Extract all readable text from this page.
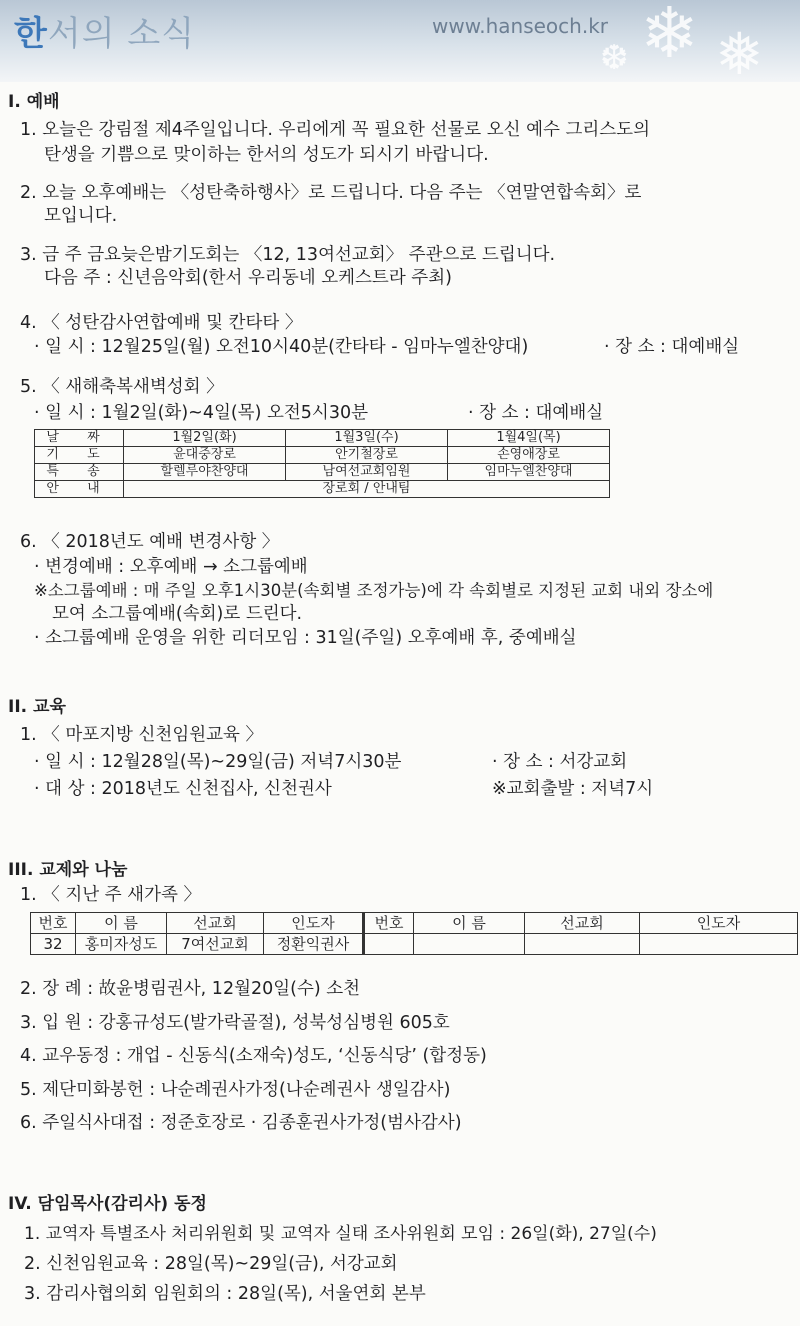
한서의 소식	www.hanseoch.kr ❄ ❅
❆
I. 예배
1. 오늘은 강림절 제4주일입니다. 우리에게 꼭 필요한 선물로 오신 예수 그리스도의
탄생을 기쁨으로 맞이하는 한서의 성도가 되시기 바랍니다.
2. 오늘 오후예배는 〈성탄축하행사〉로 드립니다. 다음 주는 〈연말연합속회〉로
모입니다.
3. 금 주 금요늦은밤기도회는 〈12, 13여선교회〉 주관으로 드립니다.
다음 주 : 신년음악회(한서 우리동네 오케스트라 주최)
4. 〈 성탄감사연합예배 및 칸타타 〉
· 일 시 : 12월25일(월) 오전10시40분(칸타타 - 임마누엘찬양대)	· 장 소 : 대예배실
5. 〈 새해축복새벽성회 〉
· 일 시 : 1월2일(화)~4일(목) 오전5시30분	· 장 소 : 대예배실
날 짜	1월2일(화)	1월3일(수)	1월4일(목)
기 도	윤대중장로	안기철장로	손영애장로
특 송	할렐루야찬양대	남여선교회임원	임마누엘찬양대
안 내	장로회 / 안내팀		
6. 〈 2018년도 예배 변경사항 〉
· 변경예배 : 오후예배 → 소그룹예배
※소그룹예배 : 매 주일 오후1시30분(속회별 조정가능)에 각 속회별로 지정된 교회 내외 장소에
모여 소그룹예배(속회)로 드린다.
· 소그룹예배 운영을 위한 리더모임 : 31일(주일) 오후예배 후, 중예배실
II. 교육
1. 〈 마포지방 신천임원교육 〉
· 일 시 : 12월28일(목)~29일(금) 저녁7시30분	· 장 소 : 서강교회
· 대 상 : 2018년도 신천집사, 신천권사	※교회출발 : 저녁7시
III. 교제와 나눔
1. 〈 지난 주 새가족 〉
번호	이 름	선교회	인도자	번호	이 름	선교회	인도자
32	홍미자성도	7여선교회	정환익권사				
2. 장 례 : 故윤병림권사, 12월20일(수) 소천
3. 입 원 : 강홍규성도(발가락골절), 성북성심병원 605호
4. 교우동정 : 개업 - 신동식(소재숙)성도, ‘신동식당’ (합정동)
5. 제단미화봉헌 : 나순례권사가정(나순례권사 생일감사)
6. 주일식사대접 : 정준호장로 · 김종훈권사가정(범사감사)
IV. 담임목사(감리사) 동정
1. 교역자 특별조사 처리위원회 및 교역자 실태 조사위원회 모임 : 26일(화), 27일(수)
2. 신천임원교육 : 28일(목)~29일(금), 서강교회
3. 감리사협의회 임원회의 : 28일(목), 서울연회 본부
